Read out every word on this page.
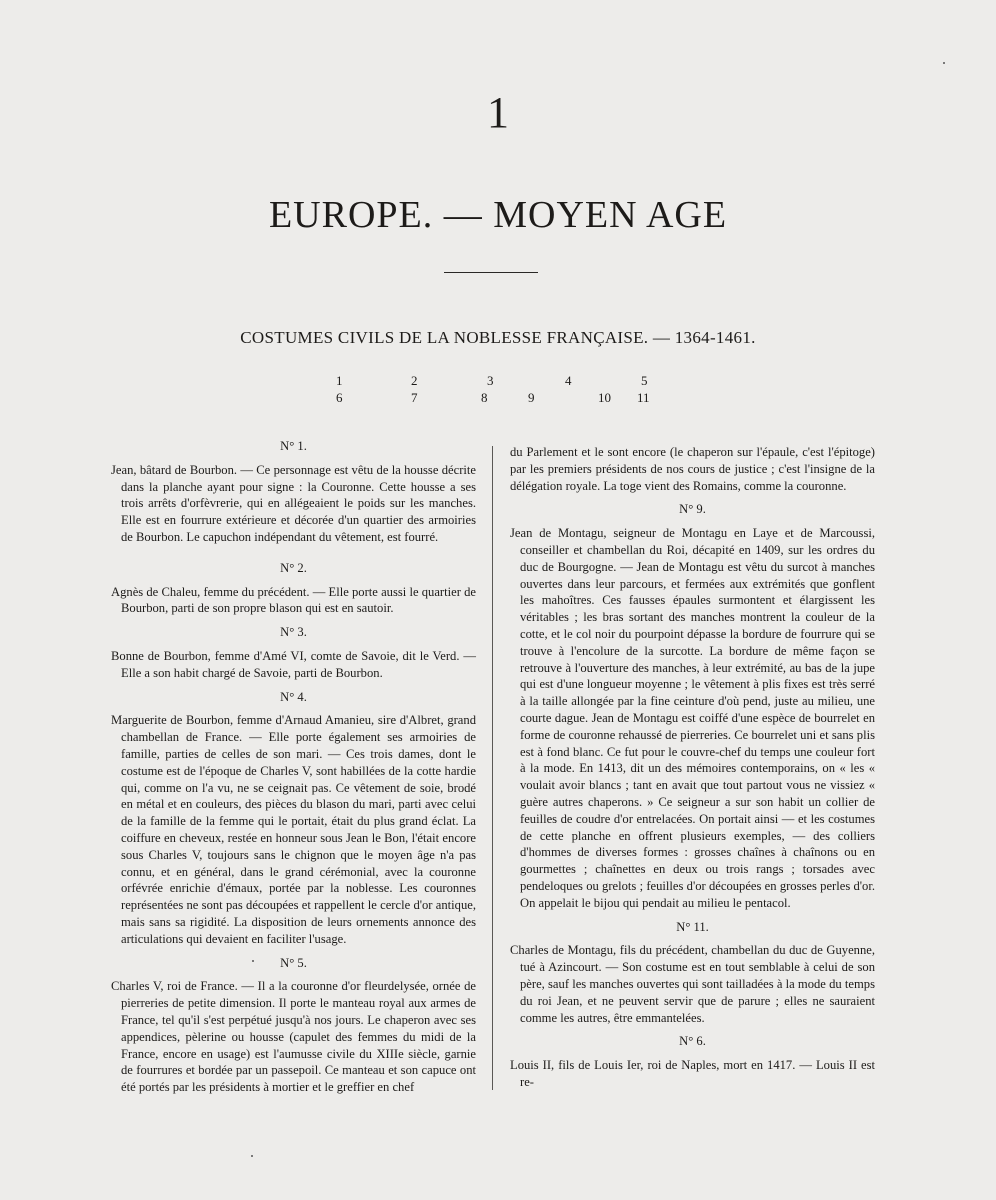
1
EUROPE. — MOYEN AGE
COSTUMES CIVILS DE LA NOBLESSE FRANÇAISE. — 1364-1461.
1	2	3	4	5
6	7	8	9	10 11

N° 1.

Jean, bâtard de Bourbon. — Ce personnage est vêtu de la housse décrite dans la planche ayant pour signe : la Couronne. Cette housse a ses trois arrêts d'orfèvrerie, qui en allégeaient le poids sur les manches. Elle est en fourrure extérieure et décorée d'un quartier des armoiries de Bourbon. Le capuchon indépendant du vêtement, est fourré.

N° 2.

Agnès de Chaleu, femme du précédent. — Elle porte aussi le quartier de Bourbon, parti de son propre blason qui est en sautoir.

N° 3.

Bonne de Bourbon, femme d'Amé VI, comte de Savoie, dit le Verd. — Elle a son habit chargé de Savoie, parti de Bourbon.

N° 4.

Marguerite de Bourbon, femme d'Arnaud Amanieu, sire d'Albret, grand chambellan de France. — Elle porte également ses armoiries de famille, parties de celles de son mari. — Ces trois dames, dont le costume est de l'époque de Charles V, sont habillées de la cotte hardie qui, comme on l'a vu, ne se ceignait pas. Ce vêtement de soie, brodé en métal et en couleurs, des pièces du blason du mari, parti avec celui de la famille de la femme qui le portait, était du plus grand éclat. La coiffure en cheveux, restée en honneur sous Jean le Bon, l'était encore sous Charles V, toujours sans le chignon que le moyen âge n'a pas connu, et en général, dans le grand cérémonial, avec la couronne orfévrée enrichie d'émaux, portée par la noblesse. Les couronnes représentées ne sont pas découpées et rappellent le cercle d'or antique, mais sans sa rigidité. La disposition de leurs ornements annonce des articulations qui devaient en faciliter l'usage.

N° 5.

Charles V, roi de France. — Il a la couronne d'or fleurdelysée, ornée de pierreries de petite dimension. Il porte le manteau royal aux armes de France, tel qu'il s'est perpétué jusqu'à nos jours. Le chaperon avec ses appendices, pèlerine ou housse (capulet des femmes du midi de la France, encore en usage) est l'aumusse civile du XIIIe siècle, garnie de fourrures et bordée par un passepoil. Ce manteau et son capuce ont été portés par les présidents à mortier et le greffier en chef

du Parlement et le sont encore (le chaperon sur l'épaule, c'est l'épitoge) par les premiers présidents de nos cours de justice ; c'est l'insigne de la délégation royale. La toge vient des Romains, comme la couronne.

N° 9.

Jean de Montagu, seigneur de Montagu en Laye et de Marcoussi, conseiller et chambellan du Roi, décapité en 1409, sur les ordres du duc de Bourgogne. — Jean de Montagu est vêtu du surcot à manches ouvertes dans leur parcours, et fermées aux extrémités que gonflent les mahoîtres. Ces fausses épaules surmontent et élargissent les véritables ; les bras sortant des manches montrent la couleur de la cotte, et le col noir du pourpoint dépasse la bordure de fourrure qui se trouve à l'encolure de la surcotte. La bordure de même façon se retrouve à l'ouverture des manches, à leur extrémité, au bas de la jupe qui est d'une longueur moyenne ; le vêtement à plis fixes est très serré à la taille allongée par la fine ceinture d'où pend, juste au milieu, une courte dague. Jean de Montagu est coiffé d'une espèce de bourrelet en forme de couronne rehaussé de pierreries. Ce bourrelet uni et sans plis est à fond blanc. Ce fut pour le couvre-chef du temps une couleur fort à la mode. En 1413, dit un des mémoires contemporains, on « les « voulait avoir blancs ; tant en avait que tout partout vous ne vissiez « guère autres chaperons. » Ce seigneur a sur son habit un collier de feuilles de coudre d'or entrelacées. On portait ainsi — et les costumes de cette planche en offrent plusieurs exemples, — des colliers d'hommes de diverses formes : grosses chaînes à chaînons ou en gourmettes ; chaînettes en deux ou trois rangs ; torsades avec pendeloques ou grelots ; feuilles d'or découpées en grosses perles d'or. On appelait le bijou qui pendait au milieu le pentacol.

N° 11.

Charles de Montagu, fils du précédent, chambellan du duc de Guyenne, tué à Azincourt. — Son costume est en tout semblable à celui de son père, sauf les manches ouvertes qui sont tailladées à la mode du temps du roi Jean, et ne peuvent servir que de parure ; elles ne sauraient comme les autres, être emmantelées.

N° 6.

Louis II, fils de Louis Ier, roi de Naples, mort en 1417. — Louis II est re-
